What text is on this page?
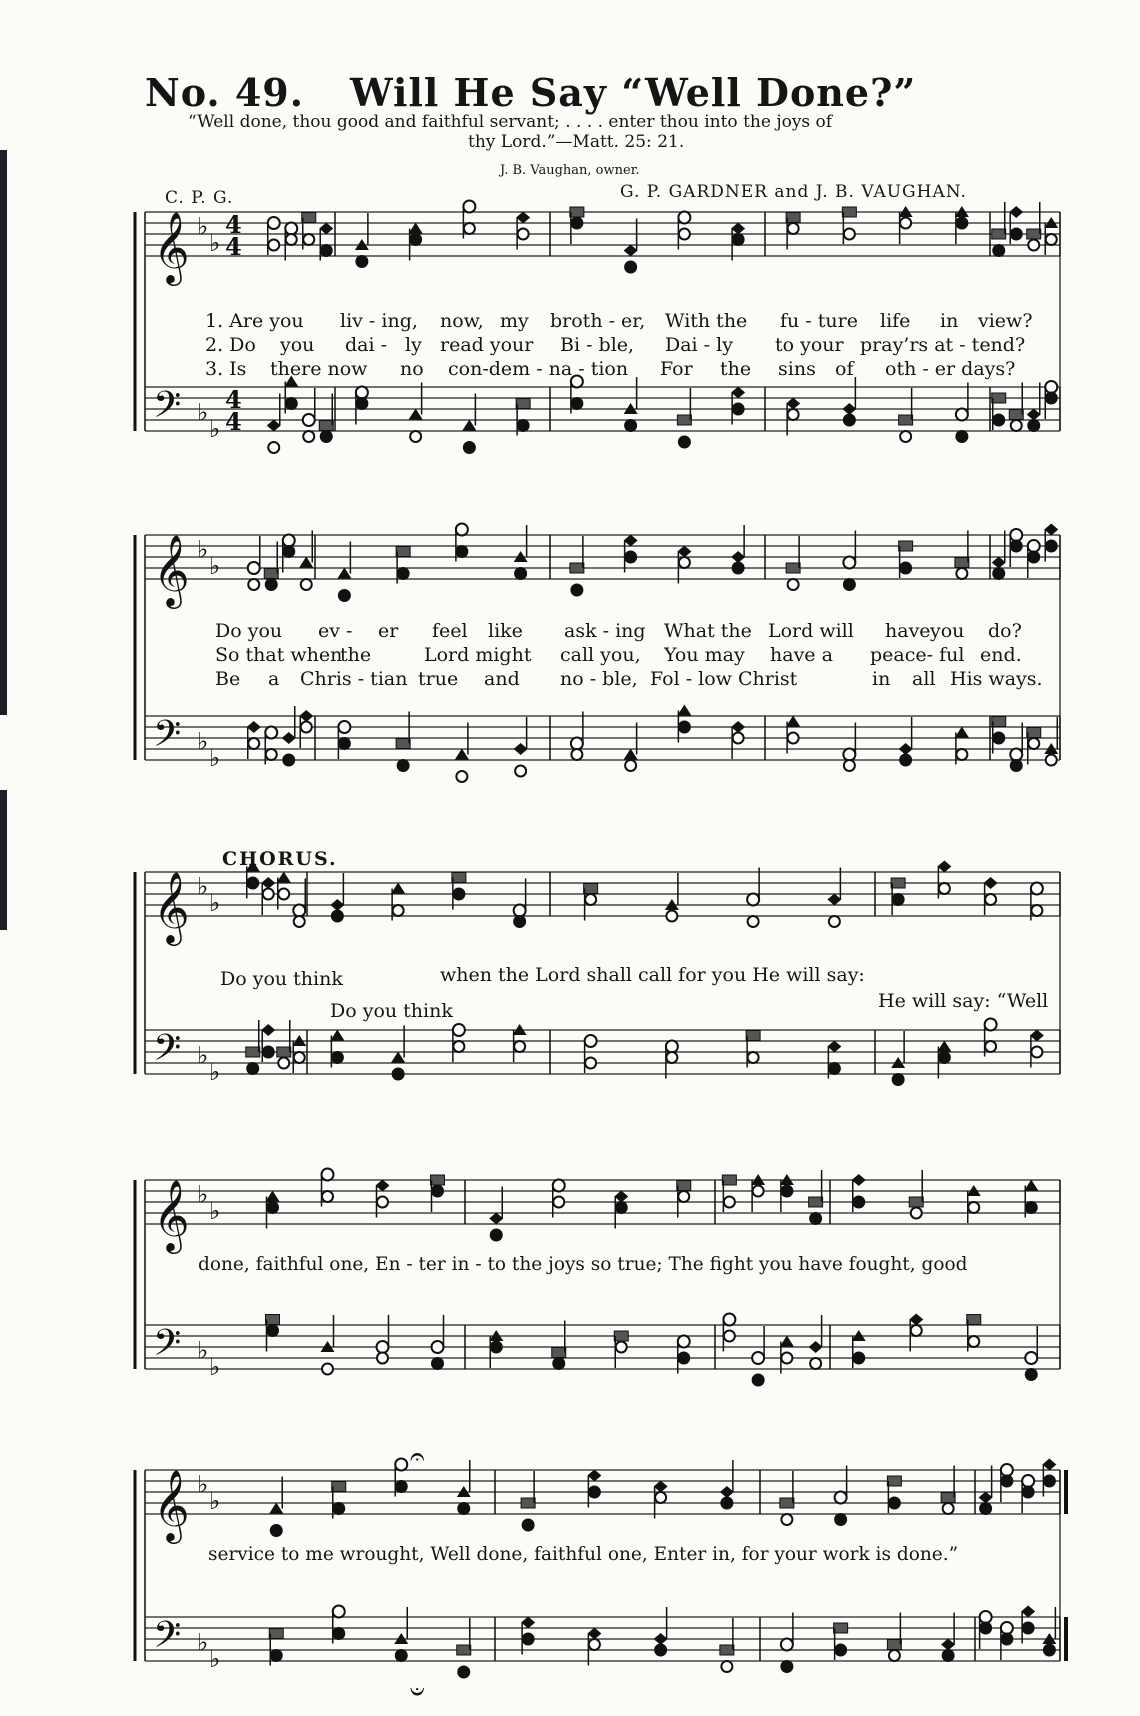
No. 49. Will He Say “Well Done?”
“Well done, thou good and faithful servant; . . . . enter thou into the joys of
thy Lord.”—Matt. 25: 21.
J. B. Vaughan, owner.
C. P. G.	G. P. GARDNER and J. B. VAUGHAN.
𝄞 ♭
♭
4
4
𝄢 ♭
♭
4
4
𝄞 ♭
♭
𝄢 ♭
♭
𝄞 ♭
♭
𝄢 ♭
♭
𝄞 ♭
♭
𝄢 ♭
♭
𝄞 ♭
♭
𝄢 ♭
♭
𝄐
𝄑
1. Are you liv - ing, now, my broth - er, With the fu - ture life in view?
2. Do you dai - ly read your Bi - ble, Dai - ly to your pray’rs at - tend?
3. Is there now no con-dem - na - tion For the sins of oth - er days?
Do you ev - er feel like ask - ing What the Lord will have you do?
So that when
the	Lord might call you, You may have a peace- ful end.
Be a Chris - tian true and no - ble, Fol - low Christ	in all His ways.
CHORUS.
Do you think	when the Lord shall call for you He will say:
Do you think	He will say: “Well
done, faithful one, En - ter in - to the joys so true; The fight you have fought, good
service to me wrought, Well done, faithful one, Enter in, for your work is done.”
